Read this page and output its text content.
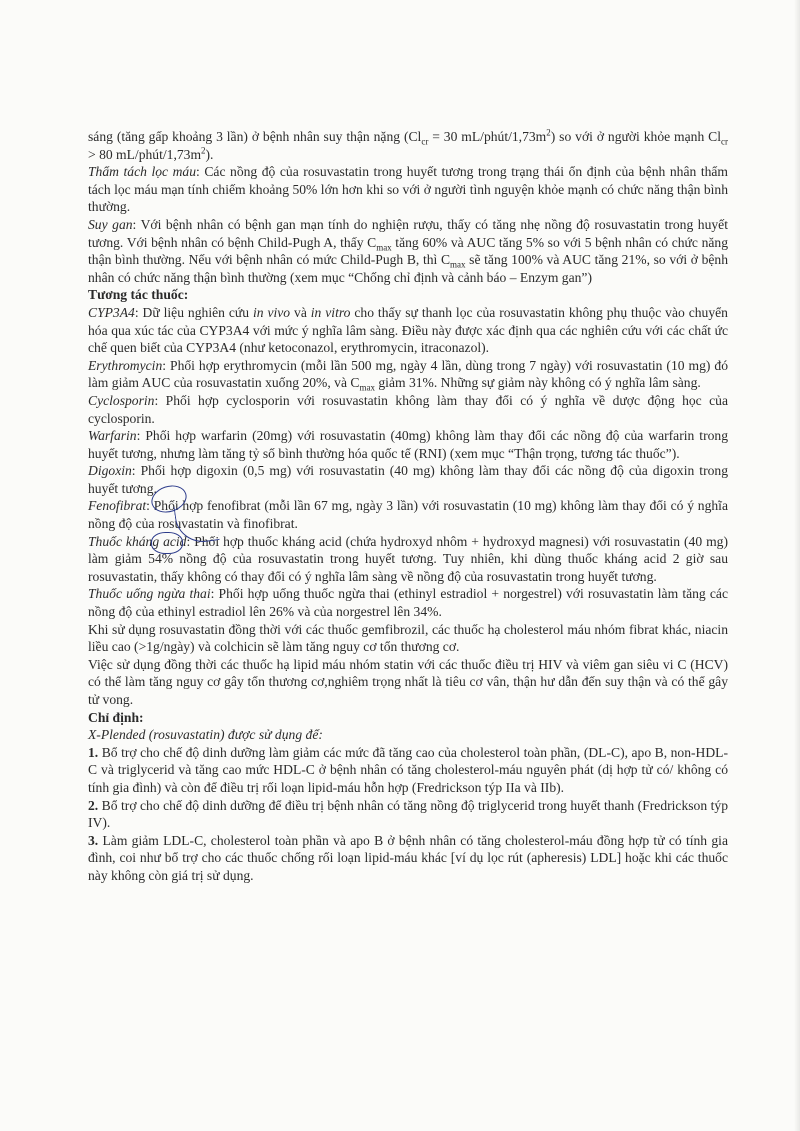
sáng (tăng gấp khoảng 3 lần) ở bệnh nhân suy thận nặng ($Cl_{cr} = 30$ $mL/phút/1,73m^2$) so với ở người khỏe mạnh $Cl_{cr} > 80$ $mL/phút/1,73m^2$).

Thẩm tách lọc máu: Các nồng độ của rosuvastatin trong huyết tương trong trạng thái ổn định của bệnh nhân thẩm tách lọc máu mạn tính chiếm khoảng 50% lớn hơn khi so với ở người tình nguyện khỏe mạnh có chức năng thận bình thường.

Suy gan: Với bệnh nhân có bệnh gan mạn tính do nghiện rượu, thấy có tăng nhẹ nồng độ rosuvastatin trong huyết tương. Với bệnh nhân có bệnh Child-Pugh A, thấy $C_{max}$ tăng 60% và AUC tăng 5% so với 5 bệnh nhân có chức năng thận bình thường. Nếu với bệnh nhân có mức Child-Pugh B, thì $C_{max}$ sẽ tăng 100% và AUC tăng 21%, so với ở bệnh nhân có chức năng thận bình thường (xem mục “Chống chỉ định và cảnh báo – Enzym gan”)

Tương tác thuốc:

CYP3A4: Dữ liệu nghiên cứu in vivo và in vitro cho thấy sự thanh lọc của rosuvastatin không phụ thuộc vào chuyển hóa qua xúc tác của CYP3A4 với mức ý nghĩa lâm sàng. Điều này được xác định qua các nghiên cứu với các chất ức chế quen biết của CYP3A4 (như ketoconazol, erythromycin, itraconazol).

Erythromycin: Phối hợp erythromycin (mỗi lần 500 mg, ngày 4 lần, dùng trong 7 ngày) với rosuvastatin (10 mg) đó làm giảm AUC của rosuvastatin xuống 20%, và $C_{max}$ giảm 31%. Những sự giảm này không có ý nghĩa lâm sàng.

Cyclosporin: Phối hợp cyclosporin với rosuvastatin không làm thay đổi có ý nghĩa về dược động học của cyclosporin.

Warfarin: Phối hợp warfarin (20mg) với rosuvastatin (40mg) không làm thay đổi các nồng độ của warfarin trong huyết tương, nhưng làm tăng tỷ số bình thường hóa quốc tế (RNI) (xem mục “Thận trọng, tương tác thuốc”).

Digoxin: Phối hợp digoxin (0,5 mg) với rosuvastatin (40 mg) không làm thay đổi các nồng độ của digoxin trong huyết tương.

Fenofibrat: Phối hợp fenofibrat (mỗi lần 67 mg, ngày 3 lần) với rosuvastatin (10 mg) không làm thay đổi có ý nghĩa nồng độ của rosuvastatin và finofibrat.

Thuốc kháng acid: Phối hợp thuốc kháng acid (chứa hydroxyd nhôm + hydroxyd magnesi) với rosuvastatin (40 mg) làm giảm 54% nồng độ của rosuvastatin trong huyết tương. Tuy nhiên, khi dùng thuốc kháng acid 2 giờ sau rosuvastatin, thấy không có thay đổi có ý nghĩa lâm sàng về nồng độ của rosuvastatin trong huyết tương.

Thuốc uống ngừa thai: Phối hợp uống thuốc ngừa thai (ethinyl estradiol + norgestrel) với rosuvastatin làm tăng các nồng độ của ethinyl estradiol lên 26% và của norgestrel lên 34%.

Khi sử dụng rosuvastatin đồng thời với các thuốc gemfibrozil, các thuốc hạ cholesterol máu nhóm fibrat khác, niacin liều cao (>1g/ngày) và colchicin sẽ làm tăng nguy cơ tổn thương cơ.

Việc sử dụng đồng thời các thuốc hạ lipid máu nhóm statin với các thuốc điều trị HIV và viêm gan siêu vi C (HCV) có thể làm tăng nguy cơ gây tổn thương cơ,nghiêm trọng nhất là tiêu cơ vân, thận hư dẫn đến suy thận và có thể gây tử vong.

Chỉ định:

X-Plended (rosuvastatin) được sử dụng để:

1. Bổ trợ cho chế độ dinh dưỡng làm giảm các mức đã tăng cao của cholesterol toàn phần, (DL-C), apo B, non-HDL-C và triglycerid và tăng cao mức HDL-C ở bệnh nhân có tăng cholesterol-máu nguyên phát (dị hợp tử có/ không có tính gia đình) và còn để điều trị rối loạn lipid-máu hỗn hợp (Fredrickson týp IIa và IIb).

2. Bổ trợ cho chế độ dinh dưỡng để điều trị bệnh nhân có tăng nồng độ triglycerid trong huyết thanh (Fredrickson týp IV).

3. Làm giảm LDL-C, cholesterol toàn phần và apo B ở bệnh nhân có tăng cholesterol-máu đồng hợp tử có tính gia đình, coi như bổ trợ cho các thuốc chống rối loạn lipid-máu khác [ví dụ lọc rút (apheresis) LDL] hoặc khi các thuốc này không còn giá trị sử dụng.
